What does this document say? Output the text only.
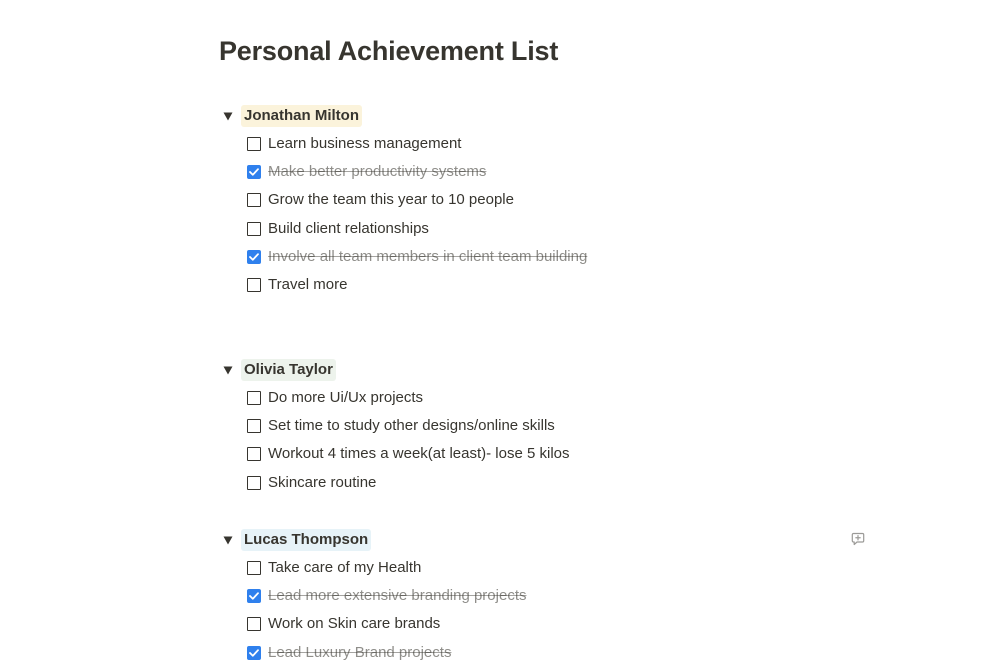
Personal Achievement List
Jonathan Milton
Learn business management
Make better productivity systems
Grow the team this year to 10 people
Build client relationships
Involve all team members in client team building
Travel more
Olivia Taylor
Do more Ui/Ux projects
Set time to study other designs/online skills
Workout 4 times a week(at least)- lose 5 kilos
Skincare routine
Lucas Thompson
Take care of my Health
Lead more extensive branding projects
Work on Skin care brands
Lead Luxury Brand projects
